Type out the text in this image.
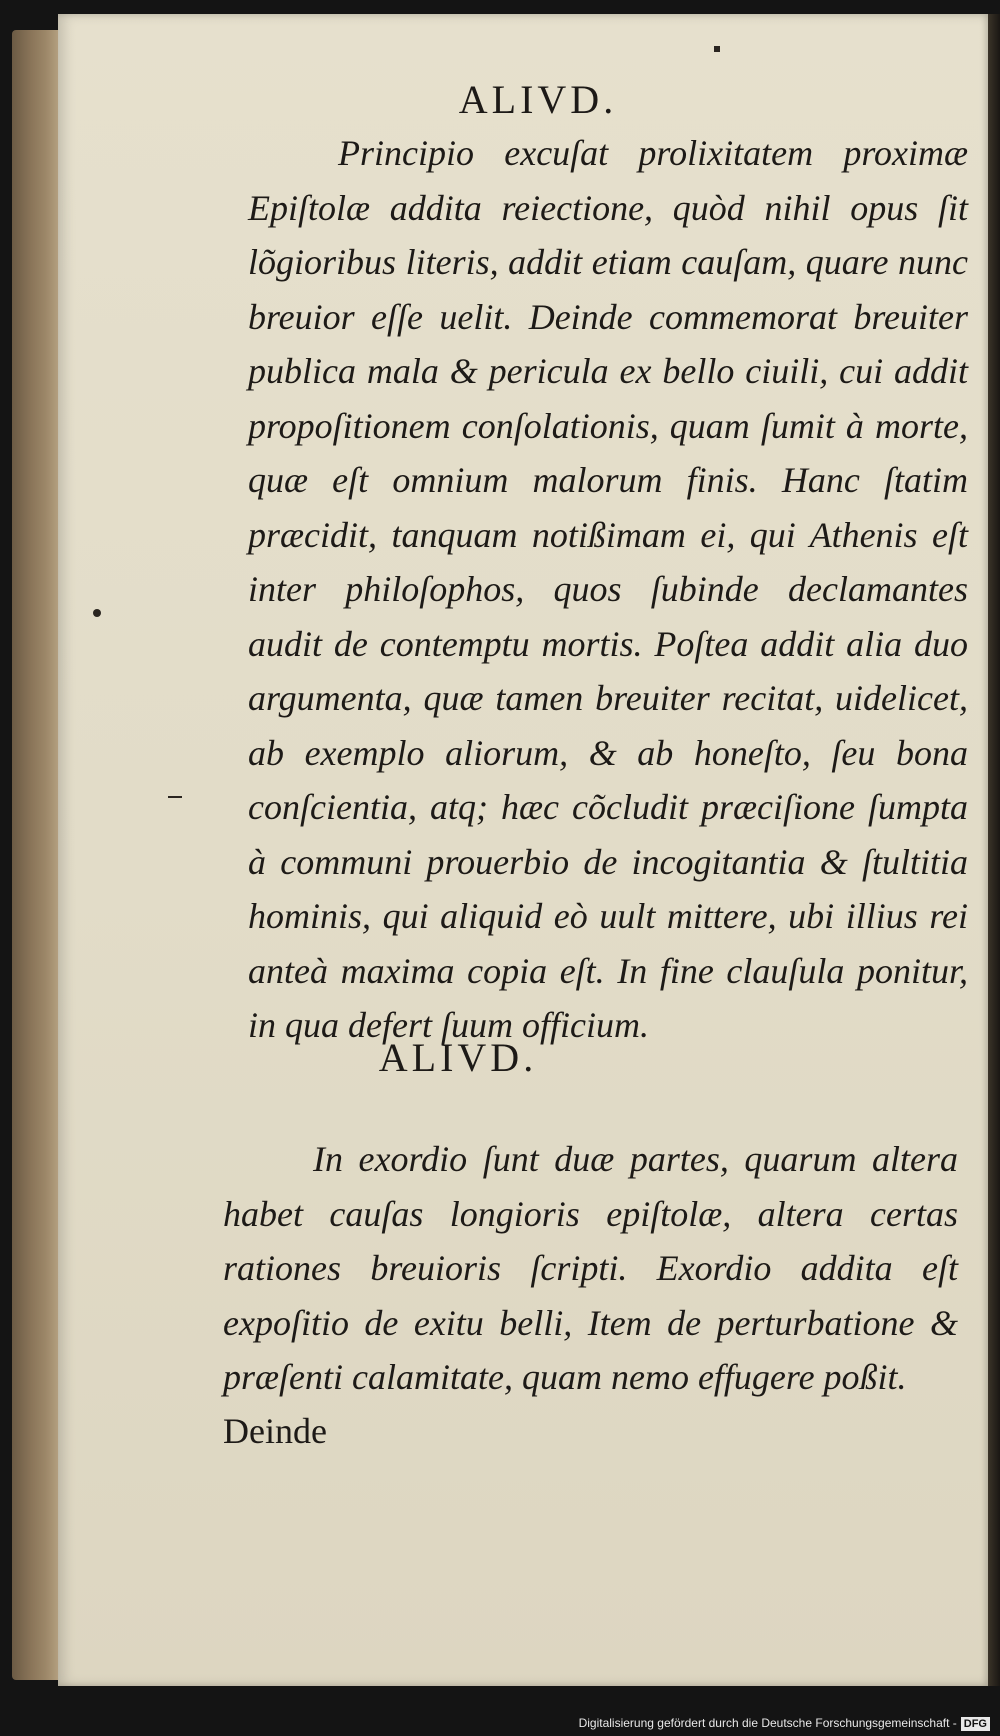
ALIVD.
Principio excuſat prolixitatem proximæ Epiſtolæ addita reiectione, quòd nihil opus ſit lõgioribus literis, addit etiam cauſam, quare nunc breuior eſſe uelit. Deinde commemorat breuiter publica mala & pericula ex bello ciuili, cui addit propoſitionem conſolationis, quam ſumit à morte, quæ eſt omnium malorum finis. Hanc ſtatim præcidit, tanquam notißimam ei, qui Athenis eſt inter philoſophos, quos ſubinde declamantes audit de contemptu mortis. Poſtea addit alia duo argumenta, quæ tamen breuiter recitat, uidelicet, ab exemplo aliorum, & ab honeſto, ſeu bona conſcientia, atq; hæc cõcludit præciſione ſumpta à communi prouerbio de incogitantia & ſtultitia hominis, qui aliquid eò uult mittere, ubi illius rei anteà maxima copia eſt. In fine clauſula ponitur, in qua defert ſuum officium.
ALIVD.
In exordio ſunt duæ partes, quarum altera habet cauſas longioris epiſtolæ, altera certas rationes breuioris ſcripti. Exordio addita eſt expoſitio de exitu belli, Item de perturbatione & præſenti calamitate, quam nemo effugere poßit.
Deinde
Digitalisierung gefördert durch die Deutsche Forschungsgemeinschaft - DFG
